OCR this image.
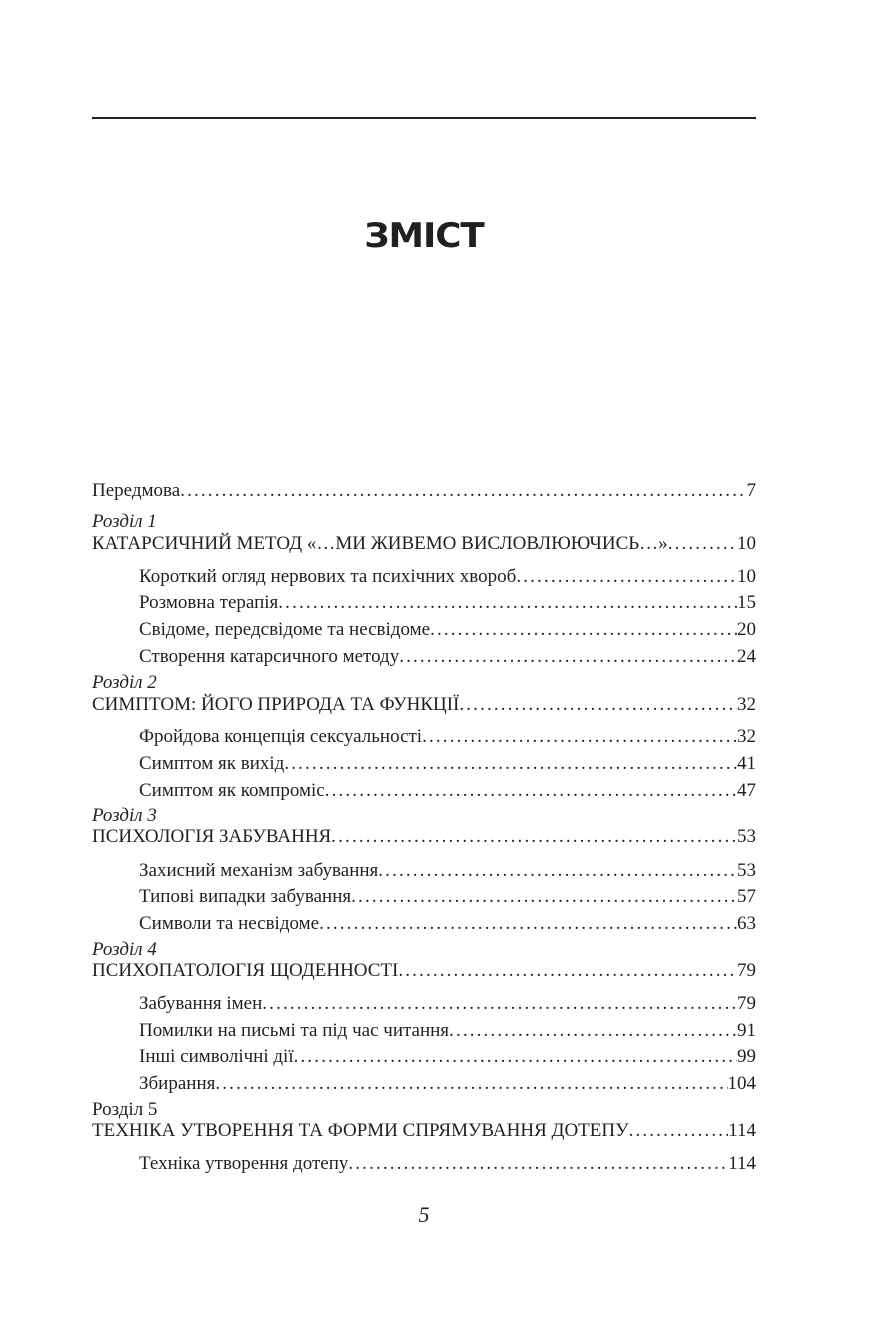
ЗМІСТ
Передмова . . .	7
Розділ 1
КАТАРСИЧНИЙ МЕТОД «…МИ ЖИВЕМО ВИСЛОВЛЮЮЧИСЬ…» . . .	10
Короткий огляд нервових та психічних хвороб . . .	10
Розмовна терапія . . .	15
Свідоме, передсвідоме та несвідоме . . .	20
Створення катарсичного методу . . .	24
Розділ 2
СИМПТОМ: ЙОГО ПРИРОДА ТА ФУНКЦІЇ . . .	32
Фройдова концепція сексуальності . . .	32
Симптом як вихід . . .	41
Симптом як компроміс . . .	47
Розділ 3
ПСИХОЛОГІЯ ЗАБУВАННЯ . . .	53
Захисний механізм забування . . .	53
Типові випадки забування . . .	57
Символи та несвідоме . . .	63
Розділ 4
ПСИХОПАТОЛОГІЯ ЩОДЕННОСТІ . . .	79
Забування імен . . .	79
Помилки на письмі та під час читання . . .	91
Інші символічні дії . . .	99
Збирання . . .	104
Розділ 5
ТЕХНІКА УТВОРЕННЯ ТА ФОРМИ СПРЯМУВАННЯ ДОТЕПУ . . .	114
Техніка утворення дотепу . . .	114
5
